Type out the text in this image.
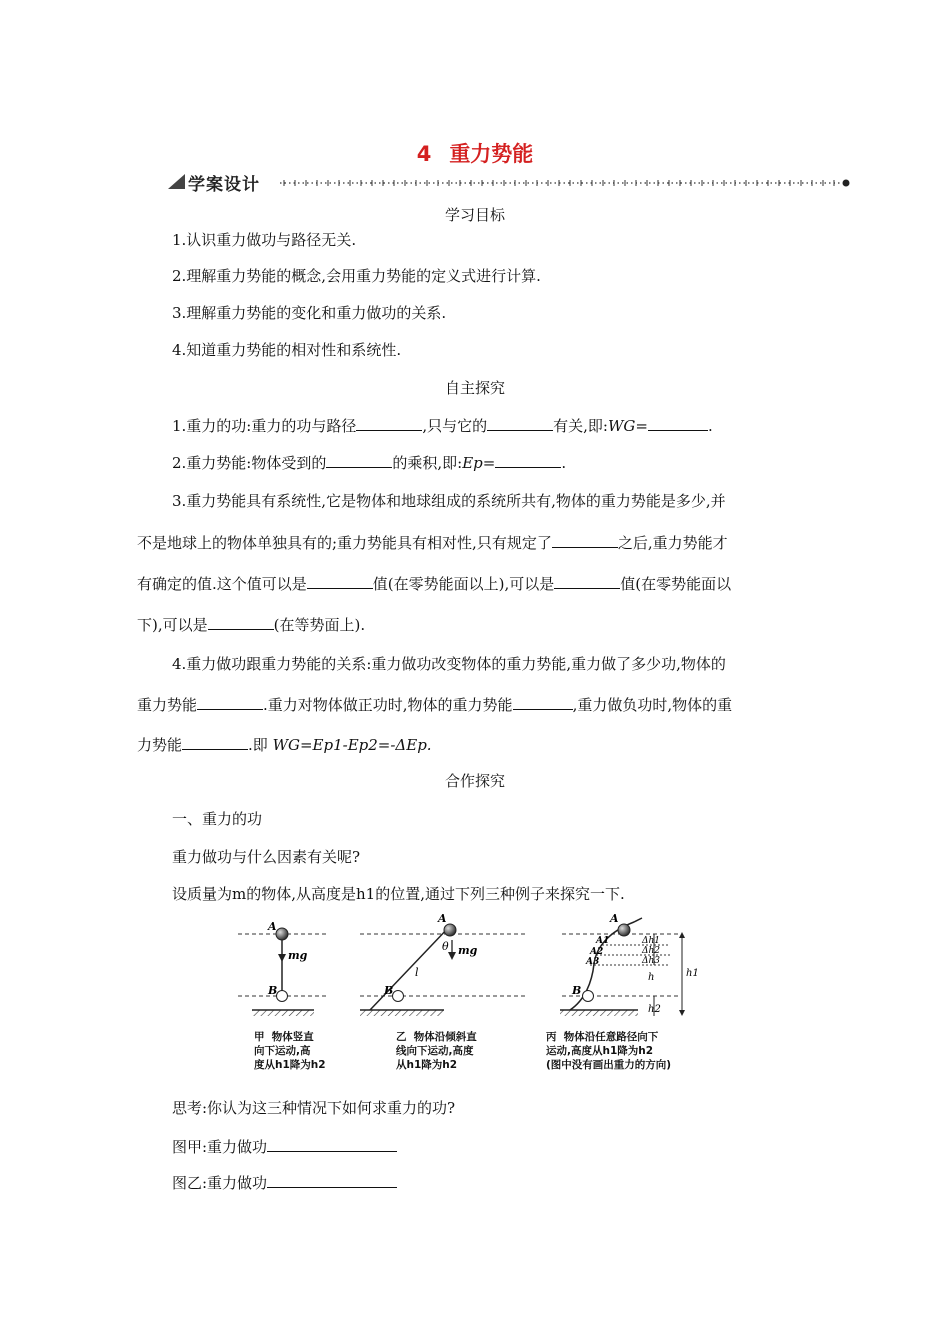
4 重力势能
学案设计
学习目标
1.认识重力做功与路径无关.
2.理解重力势能的概念,会用重力势能的定义式进行计算.
3.理解重力势能的变化和重力做功的关系.
4.知道重力势能的相对性和系统性.
自主探究
1.重力的功:重力的功与路径	,只与它的	有关,即:WG=	.
2.重力势能:物体受到的	的乘积,即:Ep=	.
3.重力势能具有系统性,它是物体和地球组成的系统所共有,物体的重力势能是多少,并
不是地球上的物体单独具有的;重力势能具有相对性,只有规定了	之后,重力势能才
有确定的值.这个值可以是	值(在零势能面以上),可以是	值(在零势能面以
下),可以是	(在等势面上).
4.重力做功跟重力势能的关系:重力做功改变物体的重力势能,重力做了多少功,物体的
重力势能	.重力对物体做正功时,物体的重力势能	,重力做负功时,物体的重
力势能	.即 WG=Ep1-Ep2=-ΔEp.
合作探究
一、重力的功
重力做功与什么因素有关呢?
设质量为m的物体,从高度是h1的位置,通过下列三种例子来探究一下.
A
B
mg
A
B
mg
l
θ
A
A1
A2
A3
B
Δh1
Δh2
Δh3
h	h1
h2
甲  物体竖直
向下运动,高
度从h1降为h2
乙  物体沿倾斜直
线向下运动,高度
从h1降为h2
丙  物体沿任意路径向下
运动,高度从h1降为h2
(图中没有画出重力的方向)
思考:你认为这三种情况下如何求重力的功?
图甲:重力做功
图乙:重力做功
